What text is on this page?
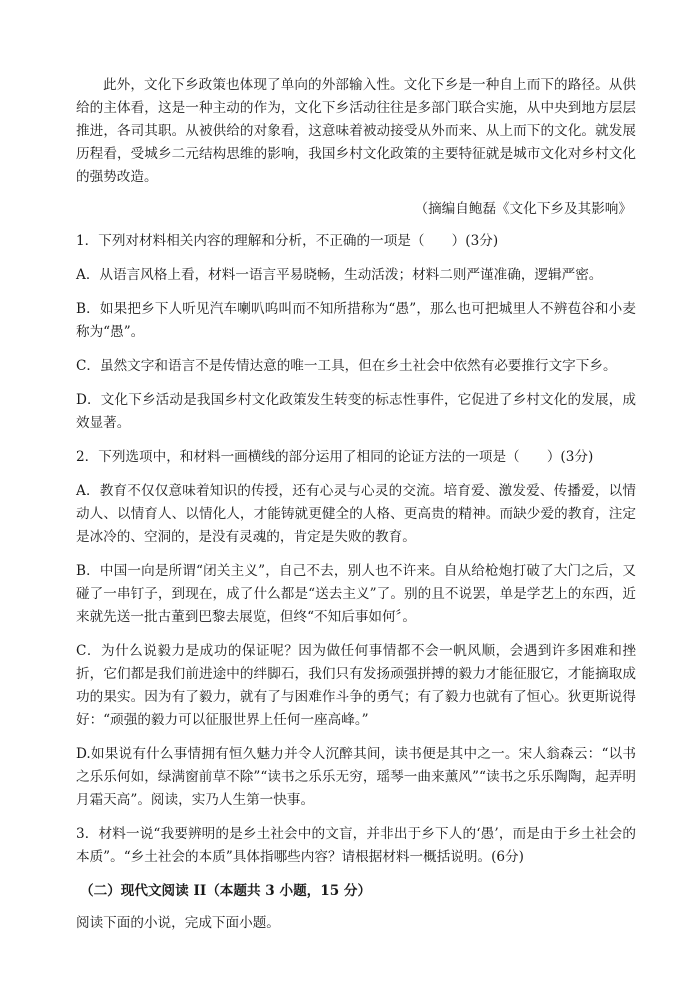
此外，文化下乡政策也体现了单向的外部输入性。文化下乡是一种自上而下的路径。从供给的主体看，这是一种主动的作为，文化下乡活动往往是多部门联合实施，从中央到地方层层推进，各司其职。从被供给的对象看，这意味着被动接受从外而来、从上而下的文化。就发展历程看，受城乡二元结构思维的影响，我国乡村文化政策的主要特征就是城市文化对乡村文化的强势改造。

（摘编自鲍磊《文化下乡及其影响》

1．下列对材料相关内容的理解和分析，不正确的一项是（　　）(3分)

A．从语言风格上看，材料一语言平易晓畅，生动活泼；材料二则严谨准确，逻辑严密。

B．如果把乡下人听见汽车喇叭呜叫而不知所措称为“愚”，那么也可把城里人不辨苞谷和小麦称为“愚”。

C．虽然文字和语言不是传情达意的唯一工具，但在乡土社会中依然有必要推行文字下乡。

D．文化下乡活动是我国乡村文化政策发生转变的标志性事件，它促进了乡村文化的发展，成效显著。

2．下列选项中，和材料一画横线的部分运用了相同的论证方法的一项是（　　）(3分)

A．教育不仅仅意味着知识的传授，还有心灵与心灵的交流。培育爱、激发爱、传播爱，以情动人、以情育人、以情化人，才能铸就更健全的人格、更高贵的精神。而缺少爱的教育，注定是冰冷的、空洞的，是没有灵魂的，肯定是失败的教育。

B．中国一向是所谓“闭关主义”，自己不去，别人也不许来。自从给枪炮打破了大门之后，又碰了一串钉子，到现在，成了什么都是“送去主义”了。别的且不说罢，单是学艺上的东西，近来就先送一批古董到巴黎去展览，但终“不知后事如何〞。

C．为什么说毅力是成功的保证呢？因为做任何事情都不会一帆风顺，会遇到许多困难和挫折，它们都是我们前进途中的绊脚石，我们只有发扬顽强拼搏的毅力才能征服它，才能摘取成功的果实。因为有了毅力，就有了与困难作斗争的勇气；有了毅力也就有了恒心。狄更斯说得好：“顽强的毅力可以征服世界上任何一座高峰。”

D.如果说有什么事情拥有恒久魅力并令人沉醉其间，读书便是其中之一。宋人翁森云：“以书之乐乐何如，绿满窗前草不除”“读书之乐乐无穷，瑶琴一曲来薰风”“读书之乐乐陶陶，起弄明月霜天高”。阅读，实乃人生第一快事。

3．材料一说“我要辨明的是乡土社会中的文盲，并非出于乡下人的‘愚’，而是由于乡土社会的本质”。“乡土社会的本质”具体指哪些内容？请根据材料一概括说明。(6分)

（二）现代文阅读 II（本题共 3 小题，15 分）

阅读下面的小说，完成下面小题。
